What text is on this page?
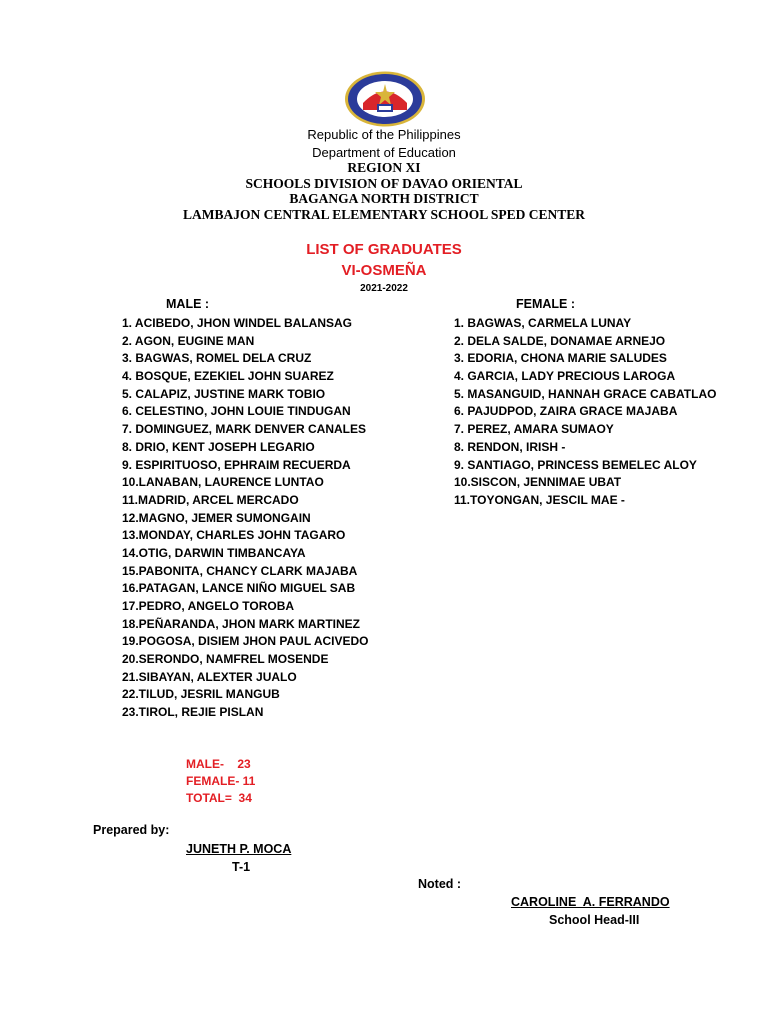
Republic of the Philippines
Department of Education
REGION XI
SCHOOLS DIVISION OF DAVAO ORIENTAL
BAGANGA NORTH DISTRICT
LAMBAJON CENTRAL ELEMENTARY SCHOOL SPED CENTER
LIST OF GRADUATES
VI-OSMEÑA
2021-2022
MALE :	FEMALE :
1. ACIBEDO, JHON WINDEL BALANSAG
2. AGON, EUGINE MAN
3. BAGWAS, ROMEL DELA CRUZ
4. BOSQUE, EZEKIEL JOHN SUAREZ
5. CALAPIZ, JUSTINE MARK TOBIO
6. CELESTINO, JOHN LOUIE TINDUGAN
7. DOMINGUEZ, MARK DENVER CANALES
8. DRIO, KENT JOSEPH LEGARIO
9. ESPIRITUOSO, EPHRAIM RECUERDA
10.LANABAN, LAURENCE LUNTAO
11.MADRID, ARCEL MERCADO
12.MAGNO, JEMER SUMONGAIN
13.MONDAY, CHARLES JOHN TAGARO
14.OTIG, DARWIN TIMBANCAYA
15.PABONITA, CHANCY CLARK MAJABA
16.PATAGAN, LANCE NIÑO MIGUEL SAB
17.PEDRO, ANGELO TOROBA
18.PEÑARANDA, JHON MARK MARTINEZ
19.POGOSA, DISIEM JHON PAUL ACIVEDO
20.SERONDO, NAMFREL MOSENDE
21.SIBAYAN, ALEXTER JUALO
22.TILUD, JESRIL MANGUB
23.TIROL, REJIE PISLAN
1. BAGWAS, CARMELA LUNAY
2. DELA SALDE, DONAMAE ARNEJO
3. EDORIA, CHONA MARIE SALUDES
4. GARCIA, LADY PRECIOUS LAROGA
5. MASANGUID, HANNAH GRACE CABATLAO
6. PAJUDPOD, ZAIRA GRACE MAJABA
7. PEREZ, AMARA SUMAOY
8. RENDON, IRISH -
9. SANTIAGO, PRINCESS BEMELEC ALOY
10.SISCON, JENNIMAE UBAT
11.TOYONGAN, JESCIL MAE -
MALE-    23
FEMALE- 11
TOTAL=  34
Prepared by:
JUNETH P. MOCA
T-1
Noted :
CAROLINE  A. FERRANDO
School Head-III
